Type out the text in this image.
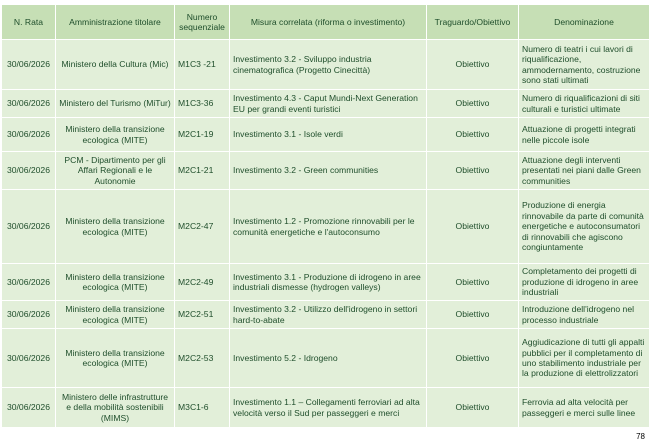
N. Rata	Amministrazione titolare	Numero sequenziale	Misura correlata (riforma o investimento)	Traguardo/Obiettivo	Denominazione
30/06/2026	Ministero della Cultura (Mic)	M1C3 -21	Investimento 3.2 - Sviluppo industria cinematografica (Progetto Cinecittà)	Obiettivo	Numero di teatri i cui lavori di riqualificazione, ammodernamento, costruzione sono stati ultimati
30/06/2026	Ministero del Turismo (MiTur)	M1C3-36	Investimento 4.3 - Caput Mundi-Next Generation EU per grandi eventi turistici	Obiettivo	Numero di riqualificazioni di siti culturali e turistici ultimate
30/06/2026	Ministero della transizione ecologica (MITE)	M2C1-19	Investimento 3.1 - Isole verdi	Obiettivo	Attuazione di progetti integrati nelle piccole isole
30/06/2026	PCM - Dipartimento per gli Affari Regionali e le Autonomie	M2C1-21	Investimento 3.2 - Green communities	Obiettivo	Attuazione degli interventi presentati nei piani dalle Green communities
30/06/2026	Ministero della transizione ecologica (MITE)	M2C2-47	Investimento 1.2 - Promozione rinnovabili per le comunità energetiche e l'autoconsumo	Obiettivo	Produzione di energia rinnovabile da parte di comunità energetiche e autoconsumatori di rinnovabili che agiscono congiuntamente
30/06/2026	Ministero della transizione ecologica (MITE)	M2C2-49	Investimento 3.1 - Produzione di idrogeno in aree industriali dismesse (hydrogen valleys)	Obiettivo	Completamento dei progetti di produzione di idrogeno in aree industriali
30/06/2026	Ministero della transizione ecologica (MITE)	M2C2-51	Investimento 3.2 - Utilizzo dell'idrogeno in settori hard-to-abate	Obiettivo	Introduzione dell'idrogeno nel processo industriale
30/06/2026	Ministero della transizione ecologica (MITE)	M2C2-53	Investimento 5.2 - Idrogeno	Obiettivo	Aggiudicazione di tutti gli appalti pubblici per il completamento di uno stabilimento industriale per la produzione di elettrolizzatori
30/06/2026	Ministero delle infrastrutture e della mobilità sostenibili (MIMS)	M3C1-6	Investimento 1.1 – Collegamenti ferroviari ad alta velocità verso il Sud per passeggeri e merci	Obiettivo	Ferrovia ad alta velocità per passeggeri e merci sulle linee
78
